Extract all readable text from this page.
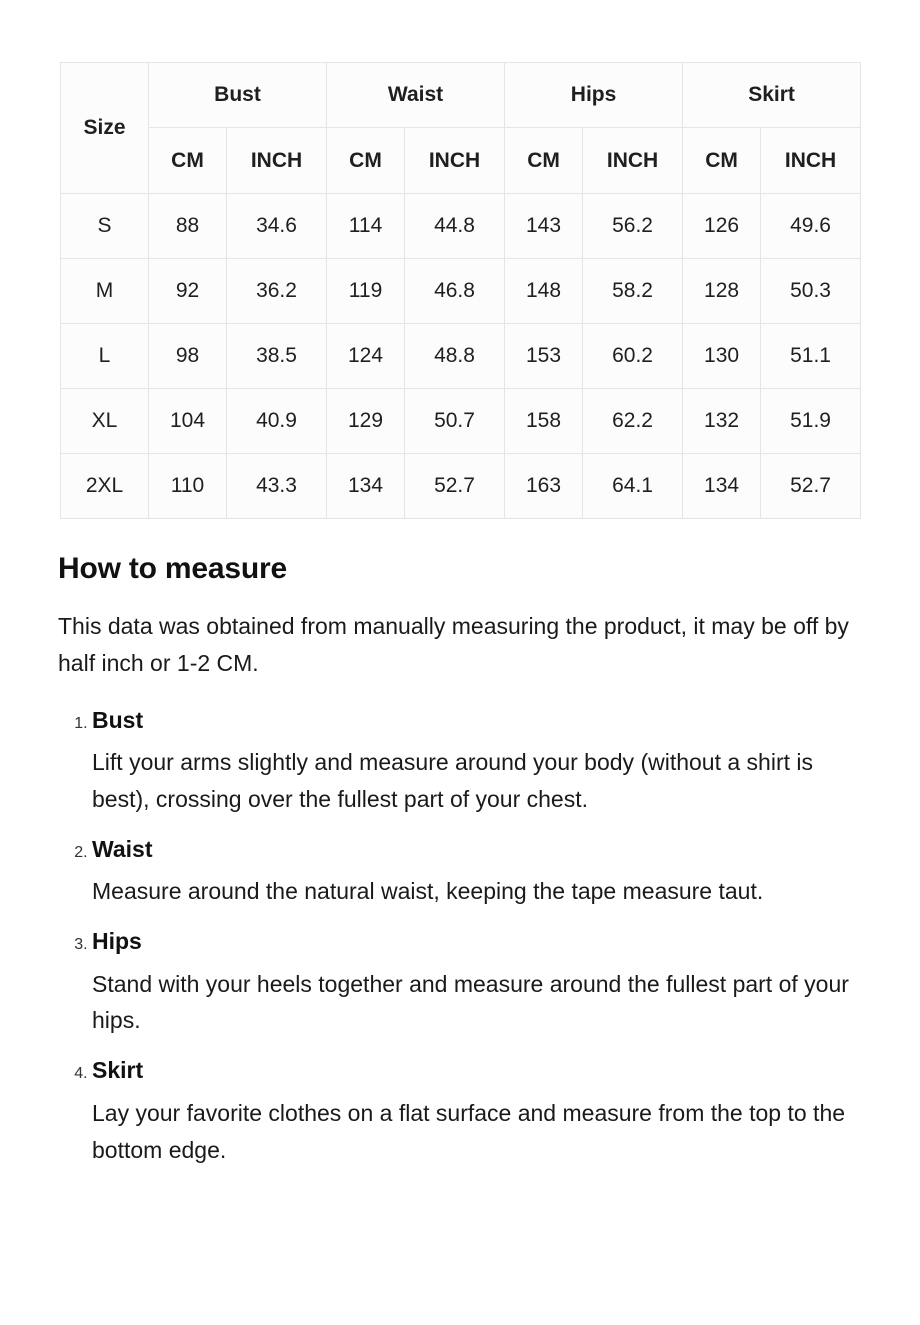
Size	Bust		Waist		Hips		Skirt	
	CM	INCH	CM	INCH	CM	INCH	CM	INCH
S	88	34.6	114	44.8	143	56.2	126	49.6
M	92	36.2	119	46.8	148	58.2	128	50.3
L	98	38.5	124	48.8	153	60.2	130	51.1
XL	104	40.9	129	50.7	158	62.2	132	51.9
2XL	110	43.3	134	52.7	163	64.1	134	52.7
How to measure

This data was obtained from manually measuring the product, it may be off by half inch or 1-2 CM.

1. Bust
Lift your arms slightly and measure around your body (without a shirt is best), crossing over the fullest part of your chest.
2. Waist
Measure around the natural waist, keeping the tape measure taut.
3. Hips
Stand with your heels together and measure around the fullest part of your hips.
4. Skirt
Lay your favorite clothes on a flat surface and measure from the top to the bottom edge.
